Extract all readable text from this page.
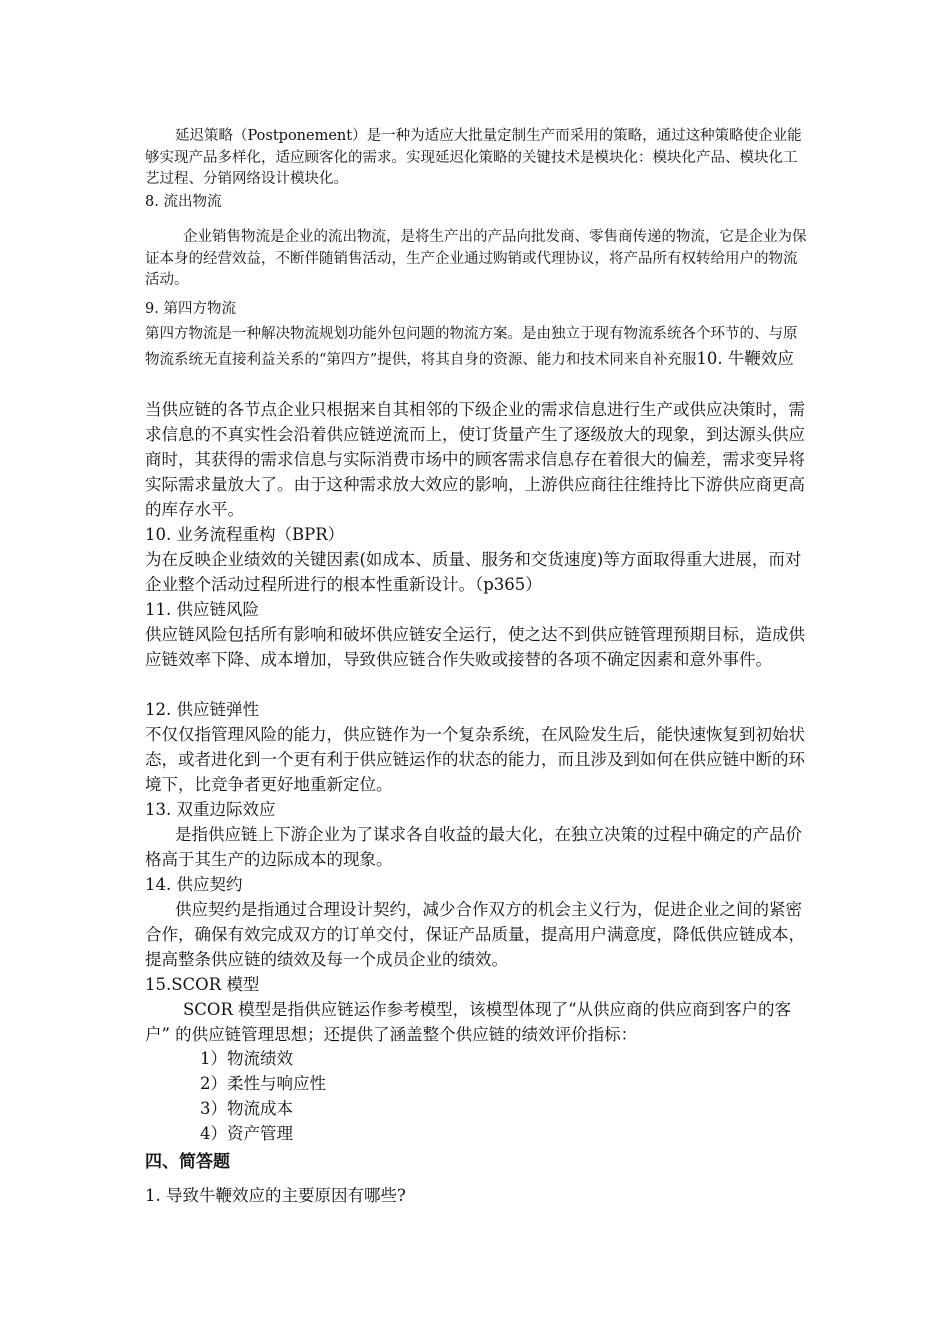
延迟策略（Postponement）是一种为适应大批量定制生产而采用的策略，通过这种策略使企业能够实现产品多样化，适应顾客化的需求。实现延迟化策略的关键技术是模块化：模块化产品、模块化工艺过程、分销网络设计模块化。
8. 流出物流
企业销售物流是企业的流出物流，是将生产出的产品向批发商、零售商传递的物流，它是企业为保证本身的经营效益，不断伴随销售活动，生产企业通过购销或代理协议，将产品所有权转给用户的物流活动。
9. 第四方物流
第四方物流是一种解决物流规划功能外包问题的物流方案。是由独立于现有物流系统各个环节的、与原物流系统无直接利益关系的“第四方”提供，将其自身的资源、能力和技术同来自补充服10. 牛鞭效应
当供应链的各节点企业只根据来自其相邻的下级企业的需求信息进行生产或供应决策时，需求信息的不真实性会沿着供应链逆流而上，使订货量产生了逐级放大的现象，到达源头供应商时，其获得的需求信息与实际消费市场中的顾客需求信息存在着很大的偏差，需求变异将实际需求量放大了。由于这种需求放大效应的影响，上游供应商往往维持比下游供应商更高的库存水平。
10. 业务流程重构（BPR）
为在反映企业绩效的关键因素(如成本、质量、服务和交货速度)等方面取得重大进展，而对企业整个活动过程所进行的根本性重新设计。（p365）
11. 供应链风险
供应链风险包括所有影响和破坏供应链安全运行，使之达不到供应链管理预期目标，造成供应链效率下降、成本增加，导致供应链合作失败或接替的各项不确定因素和意外事件。
12. 供应链弹性
不仅仅指管理风险的能力，供应链作为一个复杂系统，在风险发生后，能快速恢复到初始状态，或者进化到一个更有利于供应链运作的状态的能力，而且涉及到如何在供应链中断的环境下，比竞争者更好地重新定位。
13. 双重边际效应
是指供应链上下游企业为了谋求各自收益的最大化，在独立决策的过程中确定的产品价格高于其生产的边际成本的现象。
14. 供应契约
供应契约是指通过合理设计契约，减少合作双方的机会主义行为，促进企业之间的紧密合作，确保有效完成双方的订单交付，保证产品质量，提高用户满意度，降低供应链成本，提高整条供应链的绩效及每一个成员企业的绩效。
15.SCOR 模型
SCOR 模型是指供应链运作参考模型，该模型体现了“从供应商的供应商到客户的客户” 的供应链管理思想；还提供了涵盖整个供应链的绩效评价指标：
1）物流绩效
2）柔性与响应性
3）物流成本
4）资产管理
四、简答题
1. 导致牛鞭效应的主要原因有哪些?
